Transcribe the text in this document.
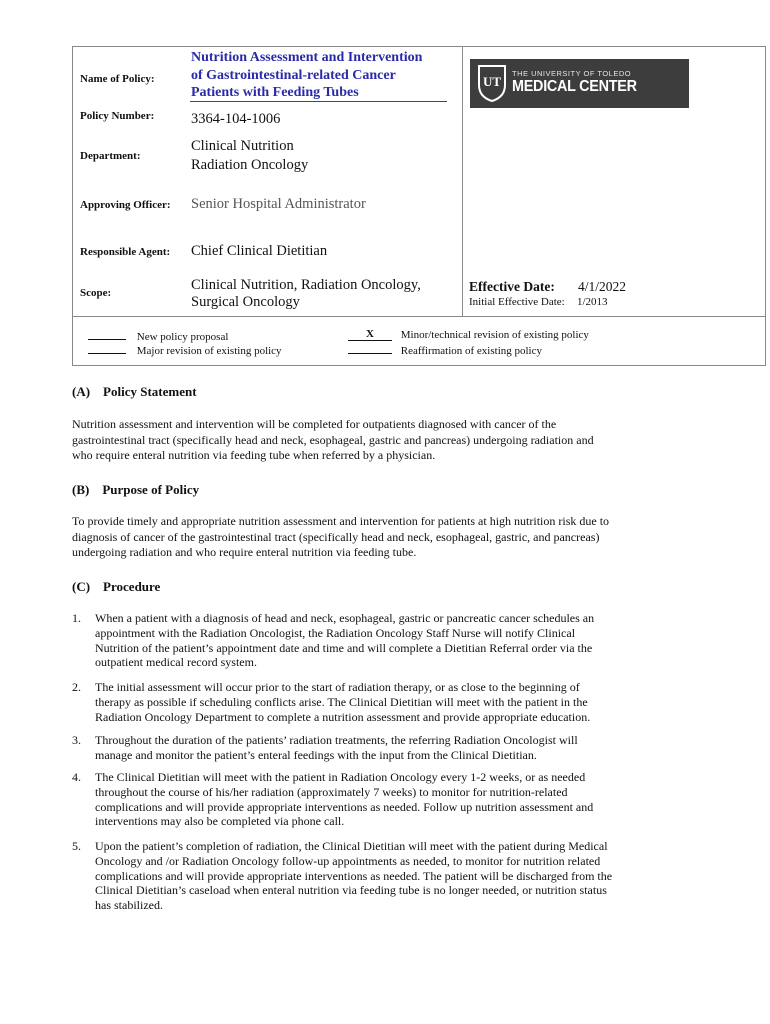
Name of Policy:
Policy Number:
Department:
Approving Officer:
Responsible Agent:
Scope:
Nutrition Assessment and Intervention
of Gastrointestinal-related Cancer
Patients with Feeding Tubes
3364-104-1006
Clinical Nutrition
Radiation Oncology
Senior Hospital Administrator
Chief Clinical Dietitian
Clinical Nutrition, Radiation Oncology,
Surgical Oncology
UT
THE UNIVERSITY OF TOLEDO
MEDICAL CENTER
Effective Date: 4/1/2022
Initial Effective Date: 1/2013
New policy proposal
Major revision of existing policy
X Minor/technical revision of existing policy
Reaffirmation of existing policy
(A) Policy Statement
Nutrition assessment and intervention will be completed for outpatients diagnosed with cancer of the
gastrointestinal tract (specifically head and neck, esophageal, gastric and pancreas) undergoing radiation and
who require enteral nutrition via feeding tube when referred by a physician.
(B) Purpose of Policy
To provide timely and appropriate nutrition assessment and intervention for patients at high nutrition risk due to
diagnosis of cancer of the gastrointestinal tract (specifically head and neck, esophageal, gastric, and pancreas)
undergoing radiation and who require enteral nutrition via feeding tube.
(C) Procedure
1. When a patient with a diagnosis of head and neck, esophageal, gastric or pancreatic cancer schedules an
appointment with the Radiation Oncologist, the Radiation Oncology Staff Nurse will notify Clinical
Nutrition of the patient’s appointment date and time and will complete a Dietitian Referral order via the
outpatient medical record system.
2. The initial assessment will occur prior to the start of radiation therapy, or as close to the beginning of
therapy as possible if scheduling conflicts arise. The Clinical Dietitian will meet with the patient in the
Radiation Oncology Department to complete a nutrition assessment and provide appropriate education.
3. Throughout the duration of the patients’ radiation treatments, the referring Radiation Oncologist will
manage and monitor the patient’s enteral feedings with the input from the Clinical Dietitian.
4. The Clinical Dietitian will meet with the patient in Radiation Oncology every 1-2 weeks, or as needed
throughout the course of his/her radiation (approximately 7 weeks) to monitor for nutrition-related
complications and will provide appropriate interventions as needed. Follow up nutrition assessment and
interventions may also be completed via phone call.
5. Upon the patient’s completion of radiation, the Clinical Dietitian will meet with the patient during Medical
Oncology and /or Radiation Oncology follow-up appointments as needed, to monitor for nutrition related
complications and will provide appropriate interventions as needed. The patient will be discharged from the
Clinical Dietitian’s caseload when enteral nutrition via feeding tube is no longer needed, or nutrition status
has stabilized.
